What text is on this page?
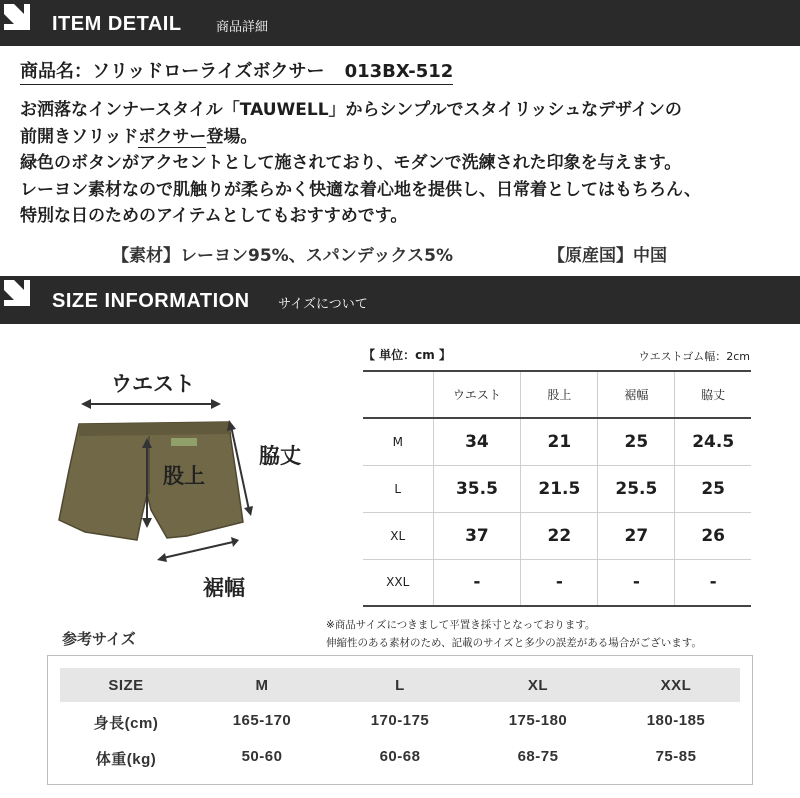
ITEM DETAIL	商品詳細
商品名：ソリッドローライズボクサー 013BX-512
お洒落なインナースタイル「TAUWELL」からシンプルでスタイリッシュなデザインの
前開きソリッドボクサー登場。
緑色のボタンがアクセントとして施されており、モダンで洗練された印象を与えます。
レーヨン素材なので肌触りが柔らかく快適な着心地を提供し、日常着としてはもちろん、
特別な日のためのアイテムとしてもおすすめです。
【素材】レーヨン95%、スパンデックス5%	【原産国】中国
SIZE INFORMATION サイズについて
ウエスト
股上
脇丈
裾幅
【 単位：cm 】	ウエストゴム幅：2cm
	ウエスト	股上	裾幅	脇丈
M	34	21	25	24.5
L	35.5	21.5	25.5	25
XL	37	22	27	26
XXL	-	-	-	-
※商品サイズにつきまして平置き採寸となっております。
伸縮性のある素材のため、記載のサイズと多少の誤差がある場合がございます。
参考サイズ
SIZE	M	L	XL	XXL
身長(cm)	165-170	170-175	175-180	180-185
体重(kg)	50-60	60-68	68-75	75-85
